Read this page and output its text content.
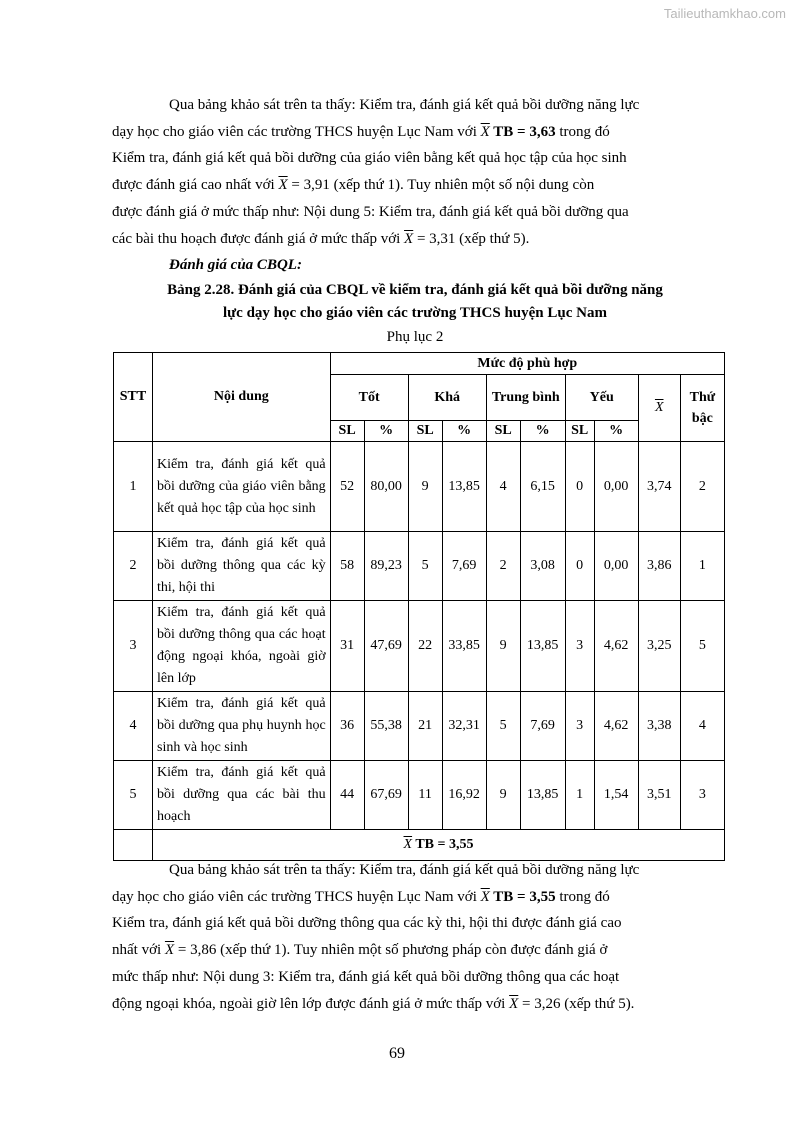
Tailieuthamkhao.com
Qua bảng khảo sát trên ta thấy: Kiểm tra, đánh giá kết quả bồi dưỡng năng lực
dạy học cho giáo viên các trường THCS huyện Lục Nam với $\overline{X}$ TB = 3,63 trong đó
Kiểm tra, đánh giá kết quả bồi dưỡng của giáo viên bằng kết quả học tập của học sinh
được đánh giá cao nhất với $\overline{X} = 3,91$ (xếp thứ 1). Tuy nhiên một số nội dung còn
được đánh giá ở mức thấp như: Nội dung 5: Kiểm tra, đánh giá kết quả bồi dưỡng qua
các bài thu hoạch được đánh giá ở mức thấp với $\overline{X} = 3,31$ (xếp thứ 5).
Đánh giá của CBQL:
Bảng 2.28. Đánh giá của CBQL về kiểm tra, đánh giá kết quả bồi dưỡng năng
lực dạy học cho giáo viên các trường THCS huyện Lục Nam
Phụ lục 2
STT	Nội dung	Mức độ phù hợp									
		Tốt		Khá		Trung bình		Yếu		$\overline{X}$	Thứ bậc
		SL	%	SL	%	SL	%	SL	%		
1	Kiểm tra, đánh giá kết quả bồi dưỡng của giáo viên bằng kết quả học tập của học sinh	52	80,00	9	13,85	4	6,15	0	0,00	3,74	2
2	Kiểm tra, đánh giá kết quả bồi dưỡng thông qua các kỳ thi, hội thi	58	89,23	5	7,69	2	3,08	0	0,00	3,86	1
3	Kiểm tra, đánh giá kết quả bồi dưỡng thông qua các hoạt động ngoại khóa, ngoài giờ lên lớp	31	47,69	22	33,85	9	13,85	3	4,62	3,25	5
4	Kiểm tra, đánh giá kết quả bồi dưỡng qua phụ huynh học sinh và học sinh	36	55,38	21	32,31	5	7,69	3	4,62	3,38	4
5	Kiểm tra, đánh giá kết quả bồi dưỡng qua các bài thu hoạch	44	67,69	11	16,92	9	13,85	1	1,54	3,51	3
	$\overline{X}$ TB = 3,55										
Qua bảng khảo sát trên ta thấy: Kiểm tra, đánh giá kết quả bồi dưỡng năng lực
dạy học cho giáo viên các trường THCS huyện Lục Nam với $\overline{X}$ TB = 3,55 trong đó
Kiểm tra, đánh giá kết quả bồi dưỡng thông qua các kỳ thi, hội thi được đánh giá cao
nhất với $\overline{X} = 3,86$ (xếp thứ 1). Tuy nhiên một số phương pháp còn được đánh giá ở
mức thấp như: Nội dung 3: Kiểm tra, đánh giá kết quả bồi dưỡng thông qua các hoạt
động ngoại khóa, ngoài giờ lên lớp được đánh giá ở mức thấp với $\overline{X} = 3,26$ (xếp thứ 5).
69
